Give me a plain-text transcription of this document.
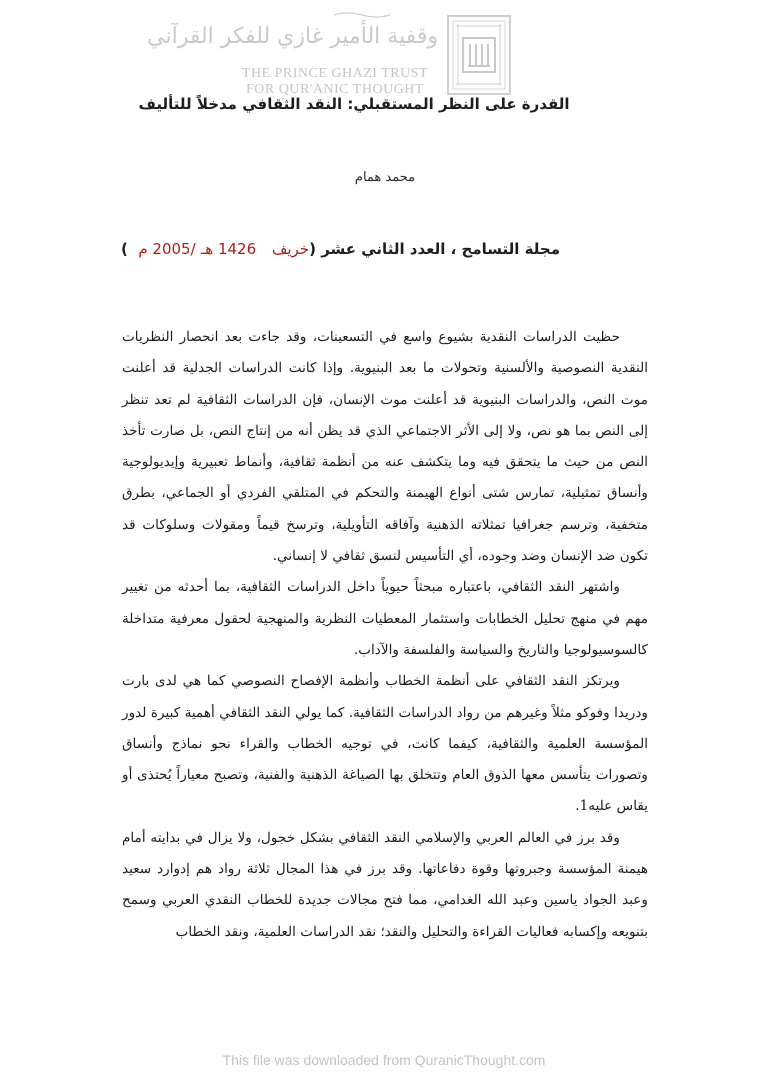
وقفية الأمير غازي للفكر القرآني
THE PRINCE GHAZI TRUST
FOR QUR'ANIC THOUGHT
القدرة على النظر المستقبلي: النقد الثقافي مدخلاً للتأليف

محمد همام

مجلة التسامح ، العدد الثاني عشر (خريف   1426 هـ /2005 م  )

حظيت الدراسات النقدية بشيوع واسع في التسعينات، وقد جاءت بعد انحصار النظريات النقدية النصوصية والألسنية وتحولات ما بعد البنيوية. وإذا كانت الدراسات الجدلية قد أعلنت موت النص، والدراسات البنيوية قد أعلنت موت الإنسان، فإن الدراسات الثقافية لم تعد تنظر إلى النص بما هو نص، ولا إلى الأثر الاجتماعي الذي قد يظن أنه من إنتاج النص، بل صارت تأخذ النص من حيث ما يتحقق فيه وما يتكشف عنه من أنظمة ثقافية، وأنماط تعبيرية وإيديولوجية وأنساق تمثيلية، تمارس شتى أنواع الهيمنة والتحكم في المتلقي الفردي أو الجماعي، بطرق متخفية، وترسم جغرافيا تمثلاته الذهنية وآفاقه التأويلية، وترسخ قيماً ومقولات وسلوكات قد تكون ضد الإنسان وضد وجوده، أي التأسيس لنسق ثقافي لا إنساني.

واشتهر النقد الثقافي، باعتباره مبحثاً حيوياً داخل الدراسات الثقافية، بما أحدثه من تغيير مهم في منهج تحليل الخطابات واستثمار المعطيات النظرية والمنهجية لحقول معرفية متداخلة كالسوسيولوجيا والتاريخ والسياسة والفلسفة والآداب.

ويرتكز النقد الثقافي على أنظمة الخطاب وأنظمة الإفصاح النصوصي كما هي لدى بارت ودريدا وفوكو مثلاً وغيرهم من رواد الدراسات الثقافية. كما يولي النقد الثقافي أهمية كبيرة لدور المؤسسة العلمية والثقافية، كيفما كانت، في توجيه الخطاب والقراء نحو نماذج وأنساق وتصورات يتأسس معها الذوق العام وتتخلق بها الصياغة الذهنية والفنية، وتصبح معياراً يُحتذى أو يقاس عليه1.

وقد برز في العالم العربي والإسلامي النقد الثقافي بشكل خجول، ولا يزال في بدايته أمام هيمنة المؤسسة وجبروتها وقوة دفاعاتها. وقد برز في هذا المجال ثلاثة رواد هم إدوارد سعيد وعبد الجواد ياسين وعبد الله الغدامي، مما فتح مجالات جديدة للخطاب النقدي العربي وسمح بتنويعه وإكسابه فعاليات القراءة والتحليل والنقد؛ نقد الدراسات العلمية، ونقد الخطاب

This file was downloaded from QuranicThought.com
